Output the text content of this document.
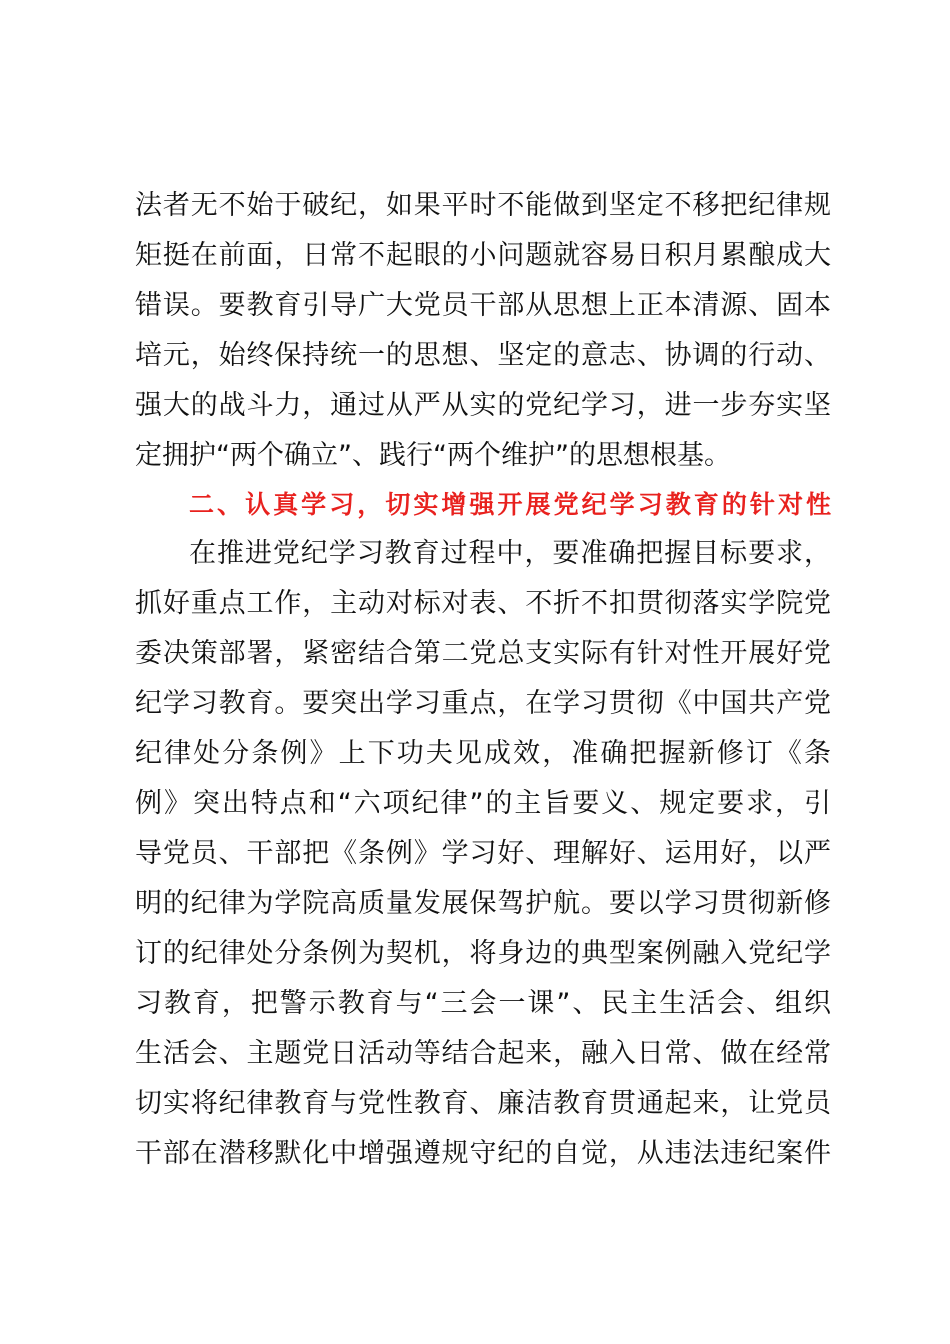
法者无不始于破纪，如果平时不能做到坚定不移把纪律规
矩挺在前面，日常不起眼的小问题就容易日积月累酿成大
错误。要教育引导广大党员干部从思想上正本清源、固本
培元，始终保持统一的思想、坚定的意志、协调的行动、
强大的战斗力，通过从严从实的党纪学习，进一步夯实坚
定拥护“两个确立”、践行“两个维护”的思想根基。
二、认真学习，切实增强开展党纪学习教育的针对性
在推进党纪学习教育过程中，要准确把握目标要求，
抓好重点工作，主动对标对表、不折不扣贯彻落实学院党
委决策部署，紧密结合第二党总支实际有针对性开展好党
纪学习教育。要突出学习重点，在学习贯彻《中国共产党
纪律处分条例》上下功夫见成效，准确把握新修订《条
例》突出特点和“六项纪律”的主旨要义、规定要求，引
导党员、干部把《条例》学习好、理解好、运用好，以严
明的纪律为学院高质量发展保驾护航。要以学习贯彻新修
订的纪律处分条例为契机，将身边的典型案例融入党纪学
习教育，把警示教育与“三会一课”、民主生活会、组织
生活会、主题党日活动等结合起来，融入日常、做在经常
切实将纪律教育与党性教育、廉洁教育贯通起来，让党员
干部在潜移默化中增强遵规守纪的自觉，从违法违纪案件
